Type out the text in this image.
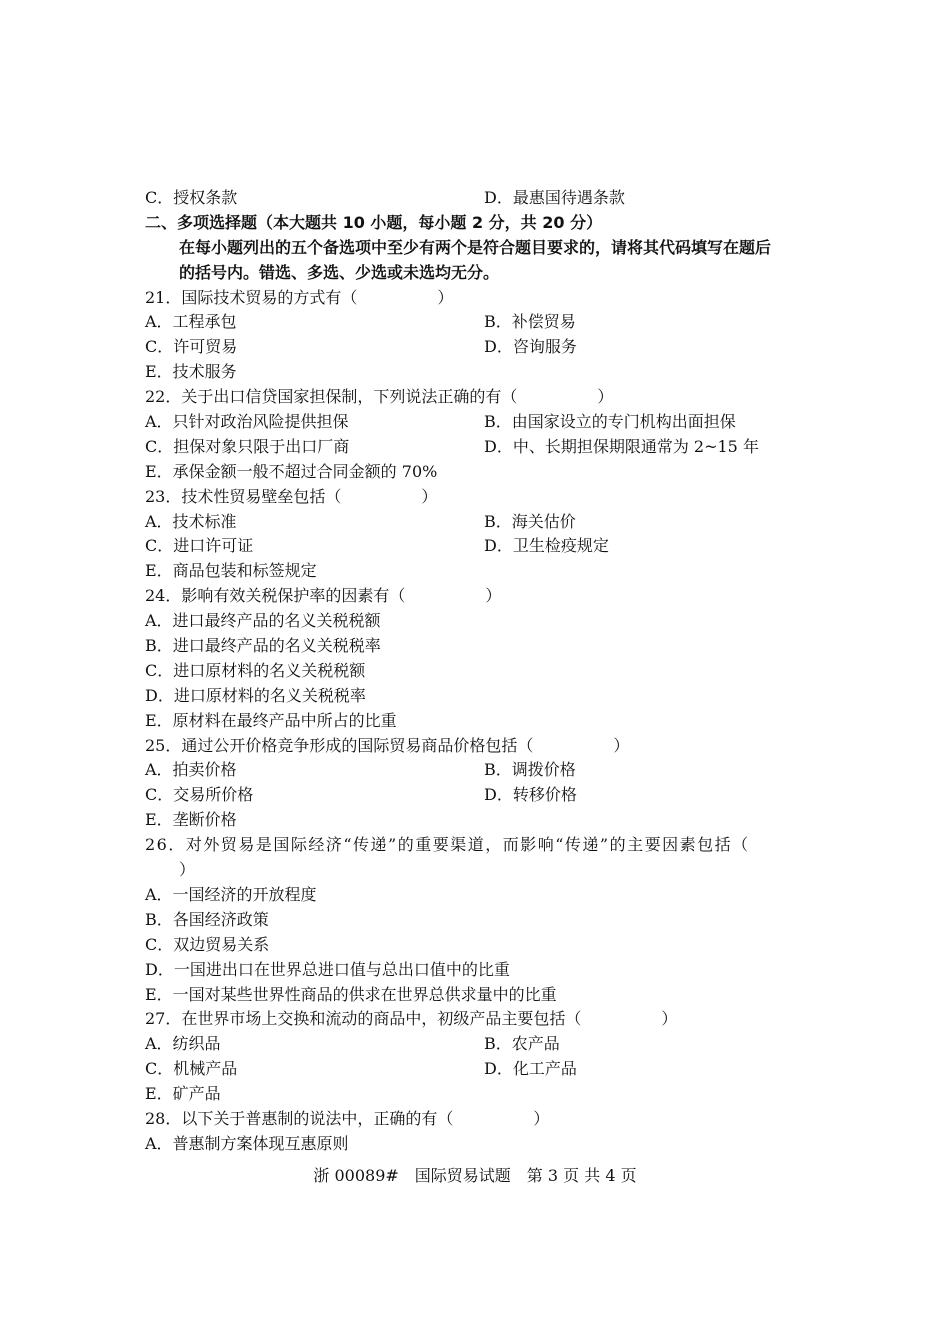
C．授权条款	D．最惠国待遇条款
二、多项选择题（本大题共 10 小题，每小题 2 分，共 20 分）
在每小题列出的五个备选项中至少有两个是符合题目要求的，请将其代码填写在题后
的括号内。错选、多选、少选或未选均无分。
21．国际技术贸易的方式有（　　　　　）
A．工程承包	B．补偿贸易
C．许可贸易	D．咨询服务
E．技术服务
22．关于出口信贷国家担保制，下列说法正确的有（　　　　　）
A．只针对政治风险提供担保	B．由国家设立的专门机构出面担保
C．担保对象只限于出口厂商	D．中、长期担保期限通常为 2~15 年
E．承保金额一般不超过合同金额的 70%
23．技术性贸易壁垒包括（　　　　　）
A．技术标准	B．海关估价
C．进口许可证	D．卫生检疫规定
E．商品包装和标签规定
24．影响有效关税保护率的因素有（　　　　　）
A．进口最终产品的名义关税税额
B．进口最终产品的名义关税税率
C．进口原材料的名义关税税额
D．进口原材料的名义关税税率
E．原材料在最终产品中所占的比重
25．通过公开价格竞争形成的国际贸易商品价格包括（　　　　　）
A．拍卖价格	B．调拨价格
C．交易所价格	D．转移价格
E．垄断价格
26．对外贸易是国际经济“传递”的重要渠道，而影响“传递”的主要因素包括（
）
A．一国经济的开放程度
B．各国经济政策
C．双边贸易关系
D．一国进出口在世界总进口值与总出口值中的比重
E．一国对某些世界性商品的供求在世界总供求量中的比重
27．在世界市场上交换和流动的商品中，初级产品主要包括（　　　　　）
A．纺织品	B．农产品
C．机械产品	D．化工产品
E．矿产品
28．以下关于普惠制的说法中，正确的有（　　　　　）
A．普惠制方案体现互惠原则
浙 00089#　国际贸易试题　第 3 页 共 4 页
